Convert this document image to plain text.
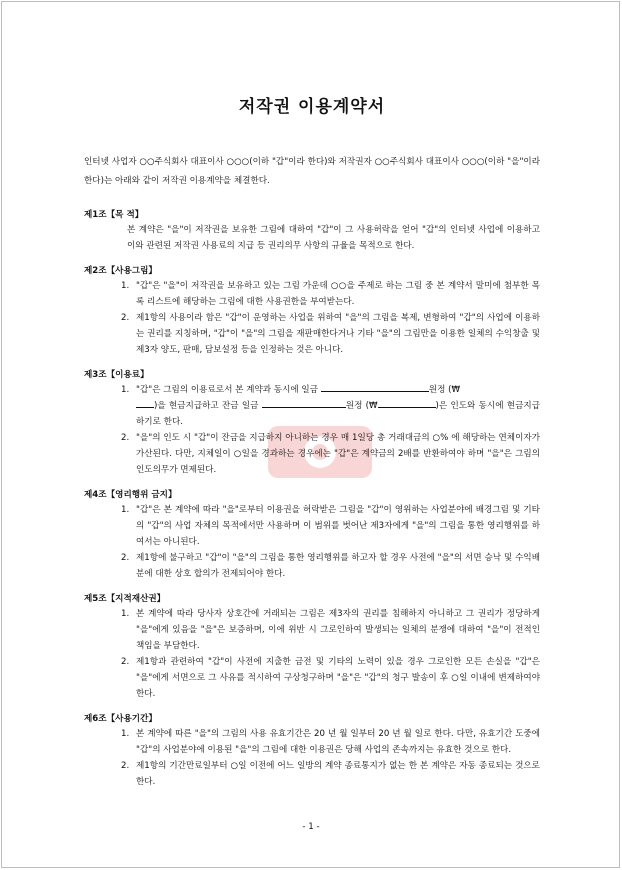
저작권 이용계약서
인터넷 사업자 ○○주식회사 대표이사 ○○○(이하 "갑"이라 한다)와 저작권자 ○○주식회사 대표이사 ○○○(이하 "을"이라 한다)는 아래와 같이 저작권 이용계약을 체결한다.
제1조【목 적】
본 계약은 "을"이 저작권을 보유한 그림에 대하여 "갑"이 그 사용허락을 얻어 "갑"의 인터넷 사업에 이용하고 이와 관련된 저작권 사용료의 지급 등 권리의무 사항의 규율을 목적으로 한다.
제2조【사용그림】
1. "갑"은 "을"이 저작권을 보유하고 있는 그림 가운데 ○○을 주제로 하는 그림 중 본 계약서 말미에 첨부한 목록 리스트에 해당하는 그림에 대한 사용권한을 부여받는다.
2. 제1항의 사용이라 함은 "갑"이 운영하는 사업을 위하여 "을"의 그림을 복제, 변형하여 "갑"의 사업에 이용하는 권리를 지칭하며, "갑"이 "을"의 그림을 재판매한다거나 기타 "을"의 그림만을 이용한 일체의 수익창출 및 제3자 양도, 판매, 담보설정 등을 인정하는 것은 아니다.
제3조【이용료】
1. "갑"은 그림의 이용료로서 본 계약과 동시에 일금	원정 (₩
)을 현금지급하고 잔금 일금	원정 (₩	)은 인도와 동시에 현금지급하기로 한다.
2. "을"의 인도 시 "갑"이 잔금을 지급하지 아니하는 경우 매 1일당 총 거래대금의 ○% 에 해당하는 연체이자가 가산된다. 다만, 지체일이 ○일을 경과하는 경우에는 "갑"은 계약금의 2배를 반환하여야 하며 "을"은 그림의 인도의무가 면제된다.
제4조【영리행위 금지】
1. "갑"은 본 계약에 따라 "을"로부터 이용권을 허락받은 그림을 "갑"이 영위하는 사업분야에 배경그림 및 기타의 "갑"의 사업 자체의 목적에서만 사용하며 이 범위를 벗어난 제3자에게 "을"의 그림을 통한 영리행위를 하여서는 아니된다.
2. 제1항에 불구하고 "갑"이 "을"의 그림을 통한 영리행위를 하고자 할 경우 사전에 "을"의 서면 승낙 및 수익배분에 대한 상호 합의가 전제되어야 한다.
제5조【지적재산권】
1. 본 계약에 따라 당사자 상호간에 거래되는 그림은 제3자의 권리를 침해하지 아니하고 그 권리가 정당하게 "을"에게 있음을 "을"은 보증하며, 이에 위반 시 그로인하여 발생되는 일체의 분쟁에 대하여 "을"이 전적인 책임을 부담한다.
2. 제1항과 관련하여 "갑"이 사전에 지출한 금전 및 기타의 노력이 있을 경우 그로인한 모든 손실을 "갑"은 "을"에게 서면으로 그 사유를 적시하여 구상청구하며 "을"은 "갑"의 청구 발송이 후 ○일 이내에 변제하여야 한다.
제6조【사용기간】
1. 본 계약에 따른 "을"의 그림의 사용 유효기간은 20 년 월 일부터 20 년 월 일로 한다. 다만, 유효기간 도중에 "갑"의 사업분야에 이용된 "을"의 그림에 대한 이용권은 당해 사업의 존속까지는 유효한 것으로 한다.
2. 제1항의 기간만료일부터 ○일 이전에 어느 일방의 계약 종료통지가 없는 한 본 계약은 자동 종료되는 것으로 한다.
- 1 -
